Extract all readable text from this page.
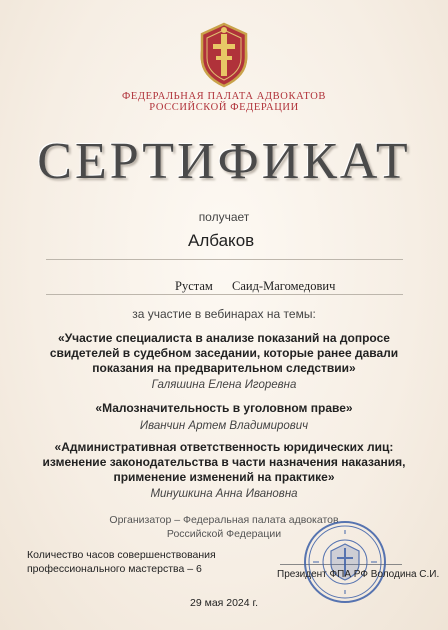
ФЕДЕРАЛЬНАЯ ПАЛАТА АДВОКАТОВ
РОССИЙСКОЙ ФЕДЕРАЦИИ
СЕРТИФИКАТ
получает
Албаков
Рустам Саид-Магомедович
за участие в вебинарах на темы:
«Участие специалиста в анализе показаний на допросе
свидетелей в судебном заседании, которые ранее давали
показания на предварительном следствии»
Галяшина Елена Игоревна
«Малозначительность в уголовном праве»
Иванчин Артем Владимирович
«Административная ответственность юридических лиц:
изменение законодательства в части назначения наказания,
применение изменений на практике»
Минушкина Анна Ивановна
Организатор – Федеральная палата адвокатов
Российской Федерации
Количество часов совершенствования
профессионального мастерства – 6	Президент ФПА РФ Володина С.И.
29 мая 2024 г.
